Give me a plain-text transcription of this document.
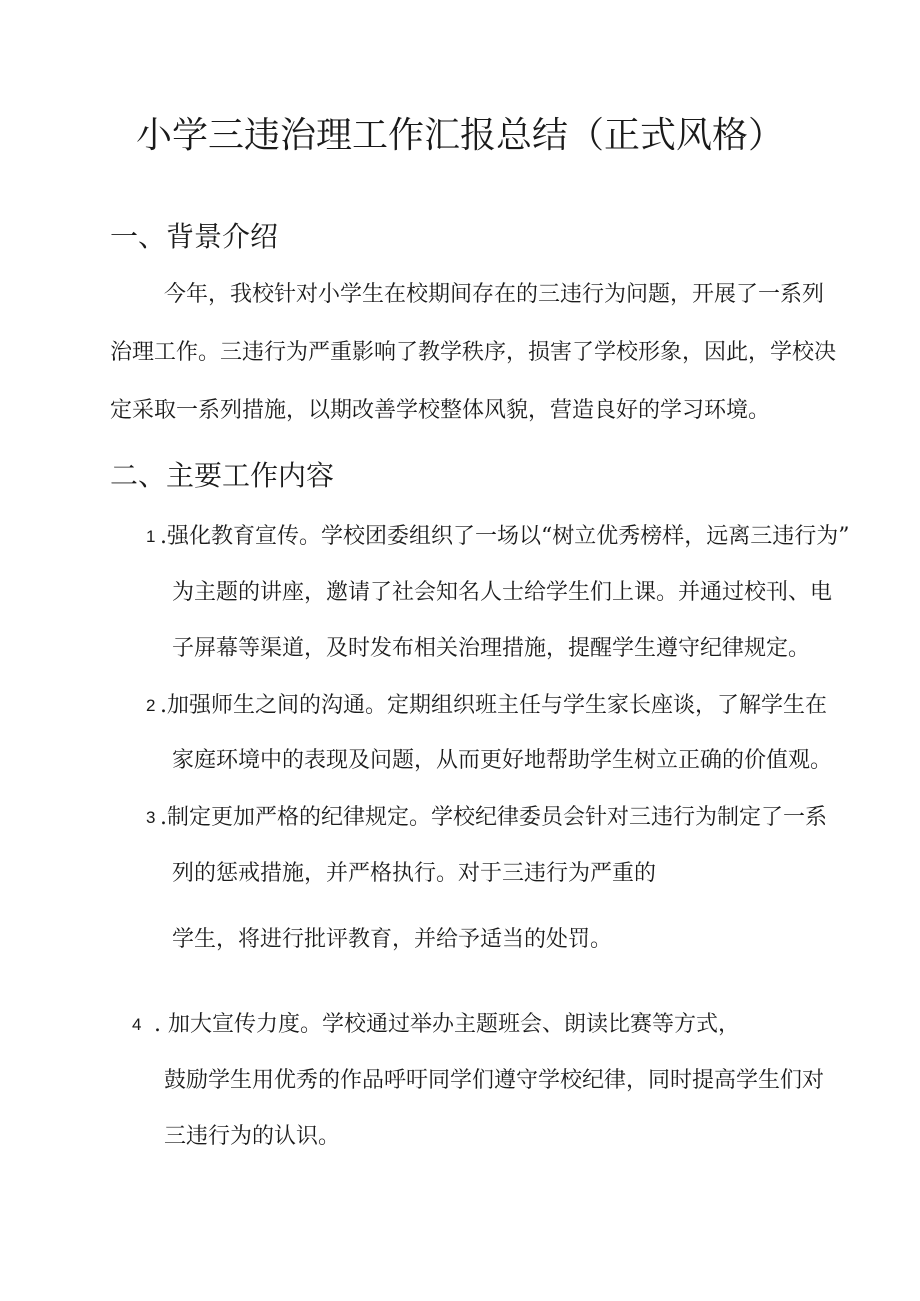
小学三违治理工作汇报总结（正式风格）
一、背景介绍
今年，我校针对小学生在校期间存在的三违行为问题，开展了一系列
治理工作。三违行为严重影响了教学秩序，损害了学校形象，因此，学校决
定采取一系列措施，以期改善学校整体风貌，营造良好的学习环境。
二、主要工作内容
1 .强化教育宣传。学校团委组织了一场以“树立优秀榜样，远离三违行为”
为主题的讲座，邀请了社会知名人士给学生们上课。并通过校刊、电
子屏幕等渠道，及时发布相关治理措施，提醒学生遵守纪律规定。
2 .加强师生之间的沟通。定期组织班主任与学生家长座谈，了解学生在
家庭环境中的表现及问题，从而更好地帮助学生树立正确的价值观。
3 .制定更加严格的纪律规定。学校纪律委员会针对三违行为制定了一系
列的惩戒措施，并严格执行。对于三违行为严重的
学生，将进行批评教育，并给予适当的处罚。
4 . 加大宣传力度。学校通过举办主题班会、朗读比赛等方式，
鼓励学生用优秀的作品呼吁同学们遵守学校纪律，同时提高学生们对
三违行为的认识。
